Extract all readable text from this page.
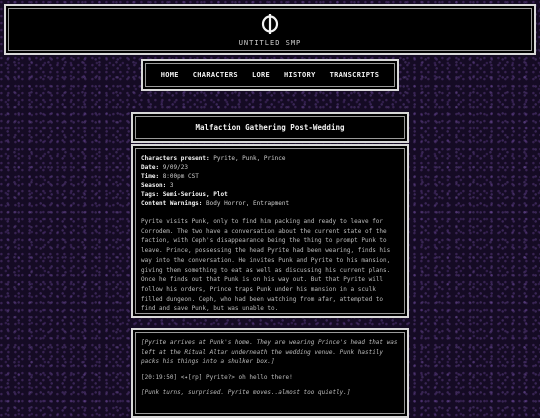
UNTITLED SMP
HOME CHARACTERS LORE HISTORY TRANSCRIPTS
Malfaction Gathering Post-Wedding
Characters present: Pyrite, Punk, Prince
Date: 9/09/23
Time: 8:00pm CST
Season: 3
Tags: Semi-Serious, Plot
Content Warnings: Body Horror, Entrapment
Pyrite visits Punk, only to find him packing and ready to leave for Corrodem. The two have a conversation about the current state of the faction, with Ceph's disappearance being the thing to prompt Punk to leave. Prince, possessing the head Pyrite had been wearing, finds his way into the conversation. He invites Punk and Pyrite to his mansion, giving them something to eat as well as discussing his current plans. Once he finds out that Punk is on his way out. But that Pyrite will follow his orders, Prince traps Punk under his mansion in a sculk filled dungeon. Ceph, who had been watching from afar, attempted to find and save Punk, but was unable to.
[Pyrite arrives at Punk's home. They are wearing Prince's head that was left at the Ritual Altar underneath the wedding venue. Punk hastily packs his things into a shulker box.]
[20:19:50] <✦[rp] Pyrite?> oh hello there!
[Punk turns, surprised. Pyrite moves..almost too quietly.]
